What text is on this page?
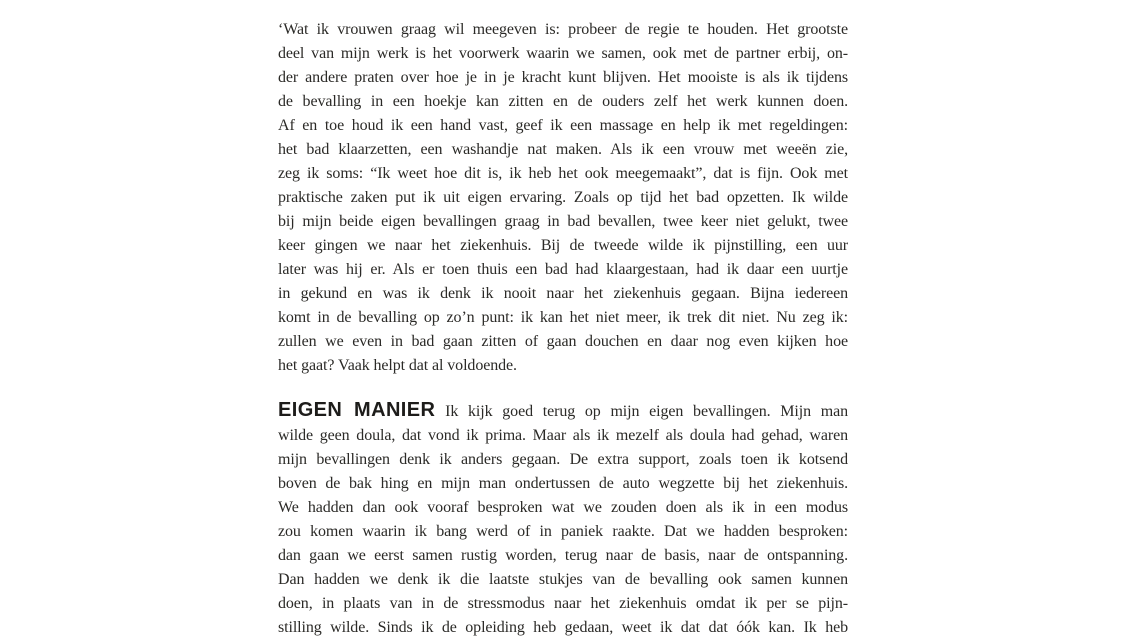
‘Wat ik vrouwen graag wil meegeven is: probeer de regie te houden. Het grootste
deel van mijn werk is het voorwerk waarin we samen, ook met de partner erbij, on-
der andere praten over hoe je in je kracht kunt blijven. Het mooiste is als ik tijdens
de bevalling in een hoekje kan zitten en de ouders zelf het werk kunnen doen.
Af en toe houd ik een hand vast, geef ik een massage en help ik met regeldingen:
het bad klaarzetten, een washandje nat maken. Als ik een vrouw met weeën zie,
zeg ik soms: “Ik weet hoe dit is, ik heb het ook meegemaakt”, dat is fijn. Ook met
praktische zaken put ik uit eigen ervaring. Zoals op tijd het bad opzetten. Ik wilde
bij mijn beide eigen bevallingen graag in bad bevallen, twee keer niet gelukt, twee
keer gingen we naar het ziekenhuis. Bij de tweede wilde ik pijnstilling, een uur
later was hij er. Als er toen thuis een bad had klaargestaan, had ik daar een uurtje
in gekund en was ik denk ik nooit naar het ziekenhuis gegaan. Bijna iedereen
komt in de bevalling op zo’n punt: ik kan het niet meer, ik trek dit niet. Nu zeg ik:
zullen we even in bad gaan zitten of gaan douchen en daar nog even kijken hoe
het gaat? Vaak helpt dat al voldoende.
EIGEN MANIER Ik kijk goed terug op mijn eigen bevallingen. Mijn man
wilde geen doula, dat vond ik prima. Maar als ik mezelf als doula had gehad, waren
mijn bevallingen denk ik anders gegaan. De extra support, zoals toen ik kotsend
boven de bak hing en mijn man ondertussen de auto wegzette bij het ziekenhuis.
We hadden dan ook vooraf besproken wat we zouden doen als ik in een modus
zou komen waarin ik bang werd of in paniek raakte. Dat we hadden besproken:
dan gaan we eerst samen rustig worden, terug naar de basis, naar de ontspanning.
Dan hadden we denk ik die laatste stukjes van de bevalling ook samen kunnen
doen, in plaats van in de stressmodus naar het ziekenhuis omdat ik per se pijn-
stilling wilde. Sinds ik de opleiding heb gedaan, weet ik dat dat óók kan. Ik heb
